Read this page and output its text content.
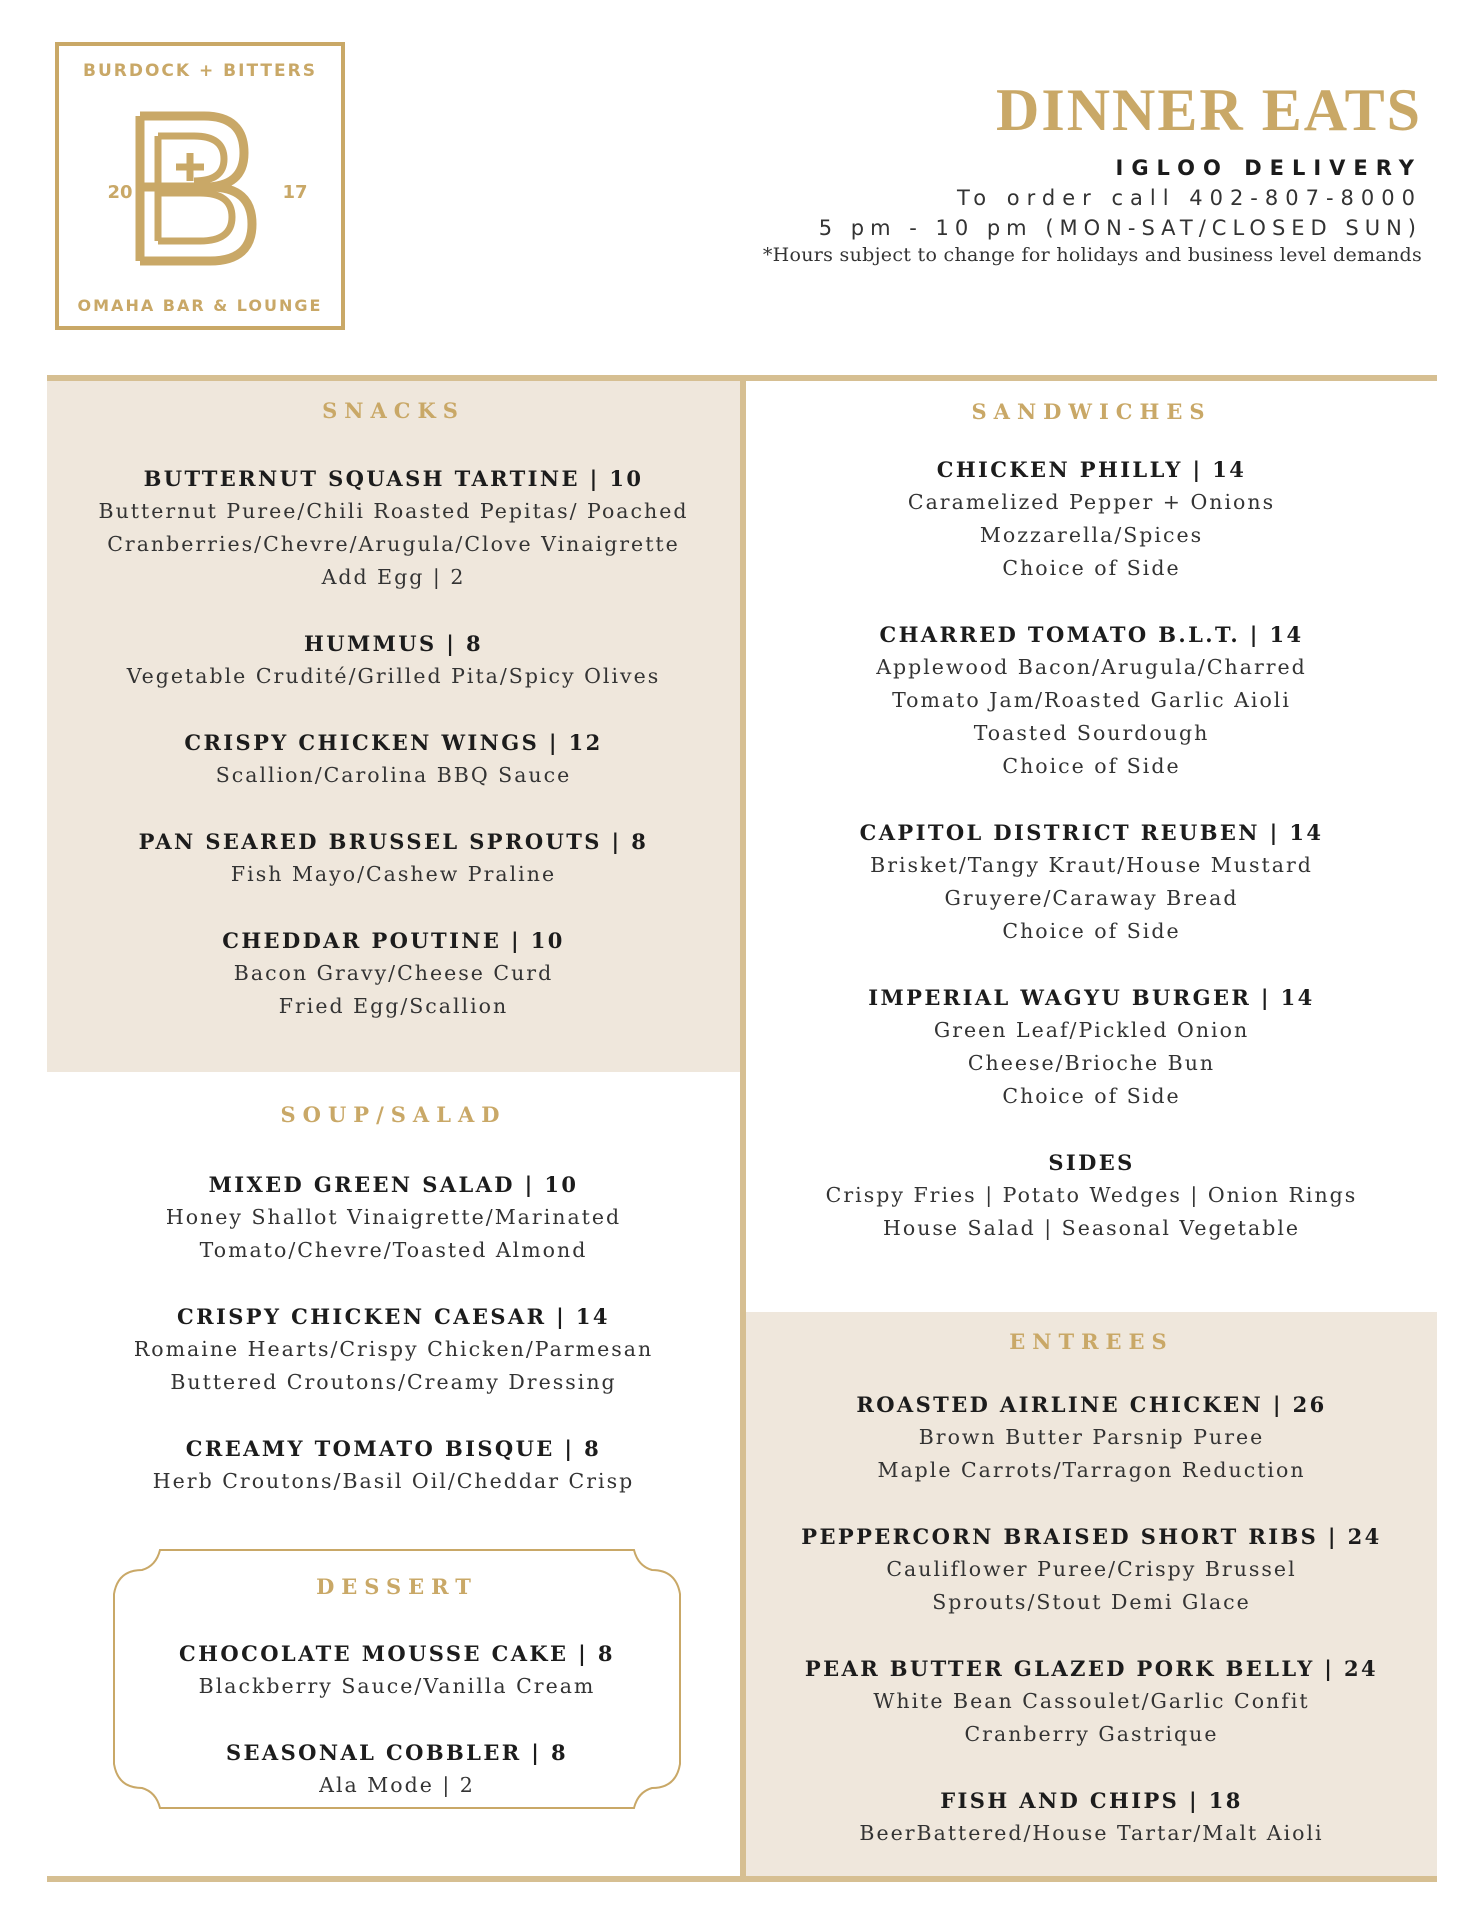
BURDOCK + BITTERS
20	17
OMAHA BAR & LOUNGE
DINNER EATS
IGLOO DELIVERY
To order call 402-807-8000
5 pm - 10 pm (MON-SAT/CLOSED SUN)
*Hours subject to change for holidays and business level demands
SNACKS
BUTTERNUT SQUASH TARTINE | 10
Butternut Puree/Chili Roasted Pepitas/ Poached
Cranberries/Chevre/Arugula/Clove Vinaigrette
Add Egg | 2
HUMMUS | 8
Vegetable Crudité/Grilled Pita/Spicy Olives
CRISPY CHICKEN WINGS | 12
Scallion/Carolina BBQ Sauce
PAN SEARED BRUSSEL SPROUTS | 8
Fish Mayo/Cashew Praline
CHEDDAR POUTINE | 10
Bacon Gravy/Cheese Curd
Fried Egg/Scallion
SOUP/SALAD
MIXED GREEN SALAD | 10
Honey Shallot Vinaigrette/Marinated
Tomato/Chevre/Toasted Almond
CRISPY CHICKEN CAESAR | 14
Romaine Hearts/Crispy Chicken/Parmesan
Buttered Croutons/Creamy Dressing
CREAMY TOMATO BISQUE | 8
Herb Croutons/Basil Oil/Cheddar Crisp
DESSERT
CHOCOLATE MOUSSE CAKE | 8
Blackberry Sauce/Vanilla Cream
SEASONAL COBBLER | 8
Ala Mode | 2
SANDWICHES
CHICKEN PHILLY | 14
Caramelized Pepper + Onions
Mozzarella/Spices
Choice of Side
CHARRED TOMATO B.L.T. | 14
Applewood Bacon/Arugula/Charred
Tomato Jam/Roasted Garlic Aioli
Toasted Sourdough
Choice of Side
CAPITOL DISTRICT REUBEN | 14
Brisket/Tangy Kraut/House Mustard
Gruyere/Caraway Bread
Choice of Side
IMPERIAL WAGYU BURGER | 14
Green Leaf/Pickled Onion
Cheese/Brioche Bun
Choice of Side
SIDES
Crispy Fries | Potato Wedges | Onion Rings
House Salad | Seasonal Vegetable
ENTREES
ROASTED AIRLINE CHICKEN | 26
Brown Butter Parsnip Puree
Maple Carrots/Tarragon Reduction
PEPPERCORN BRAISED SHORT RIBS | 24
Cauliflower Puree/Crispy Brussel
Sprouts/Stout Demi Glace
PEAR BUTTER GLAZED PORK BELLY | 24
White Bean Cassoulet/Garlic Confit
Cranberry Gastrique
FISH AND CHIPS | 18
BeerBattered/House Tartar/Malt Aioli
